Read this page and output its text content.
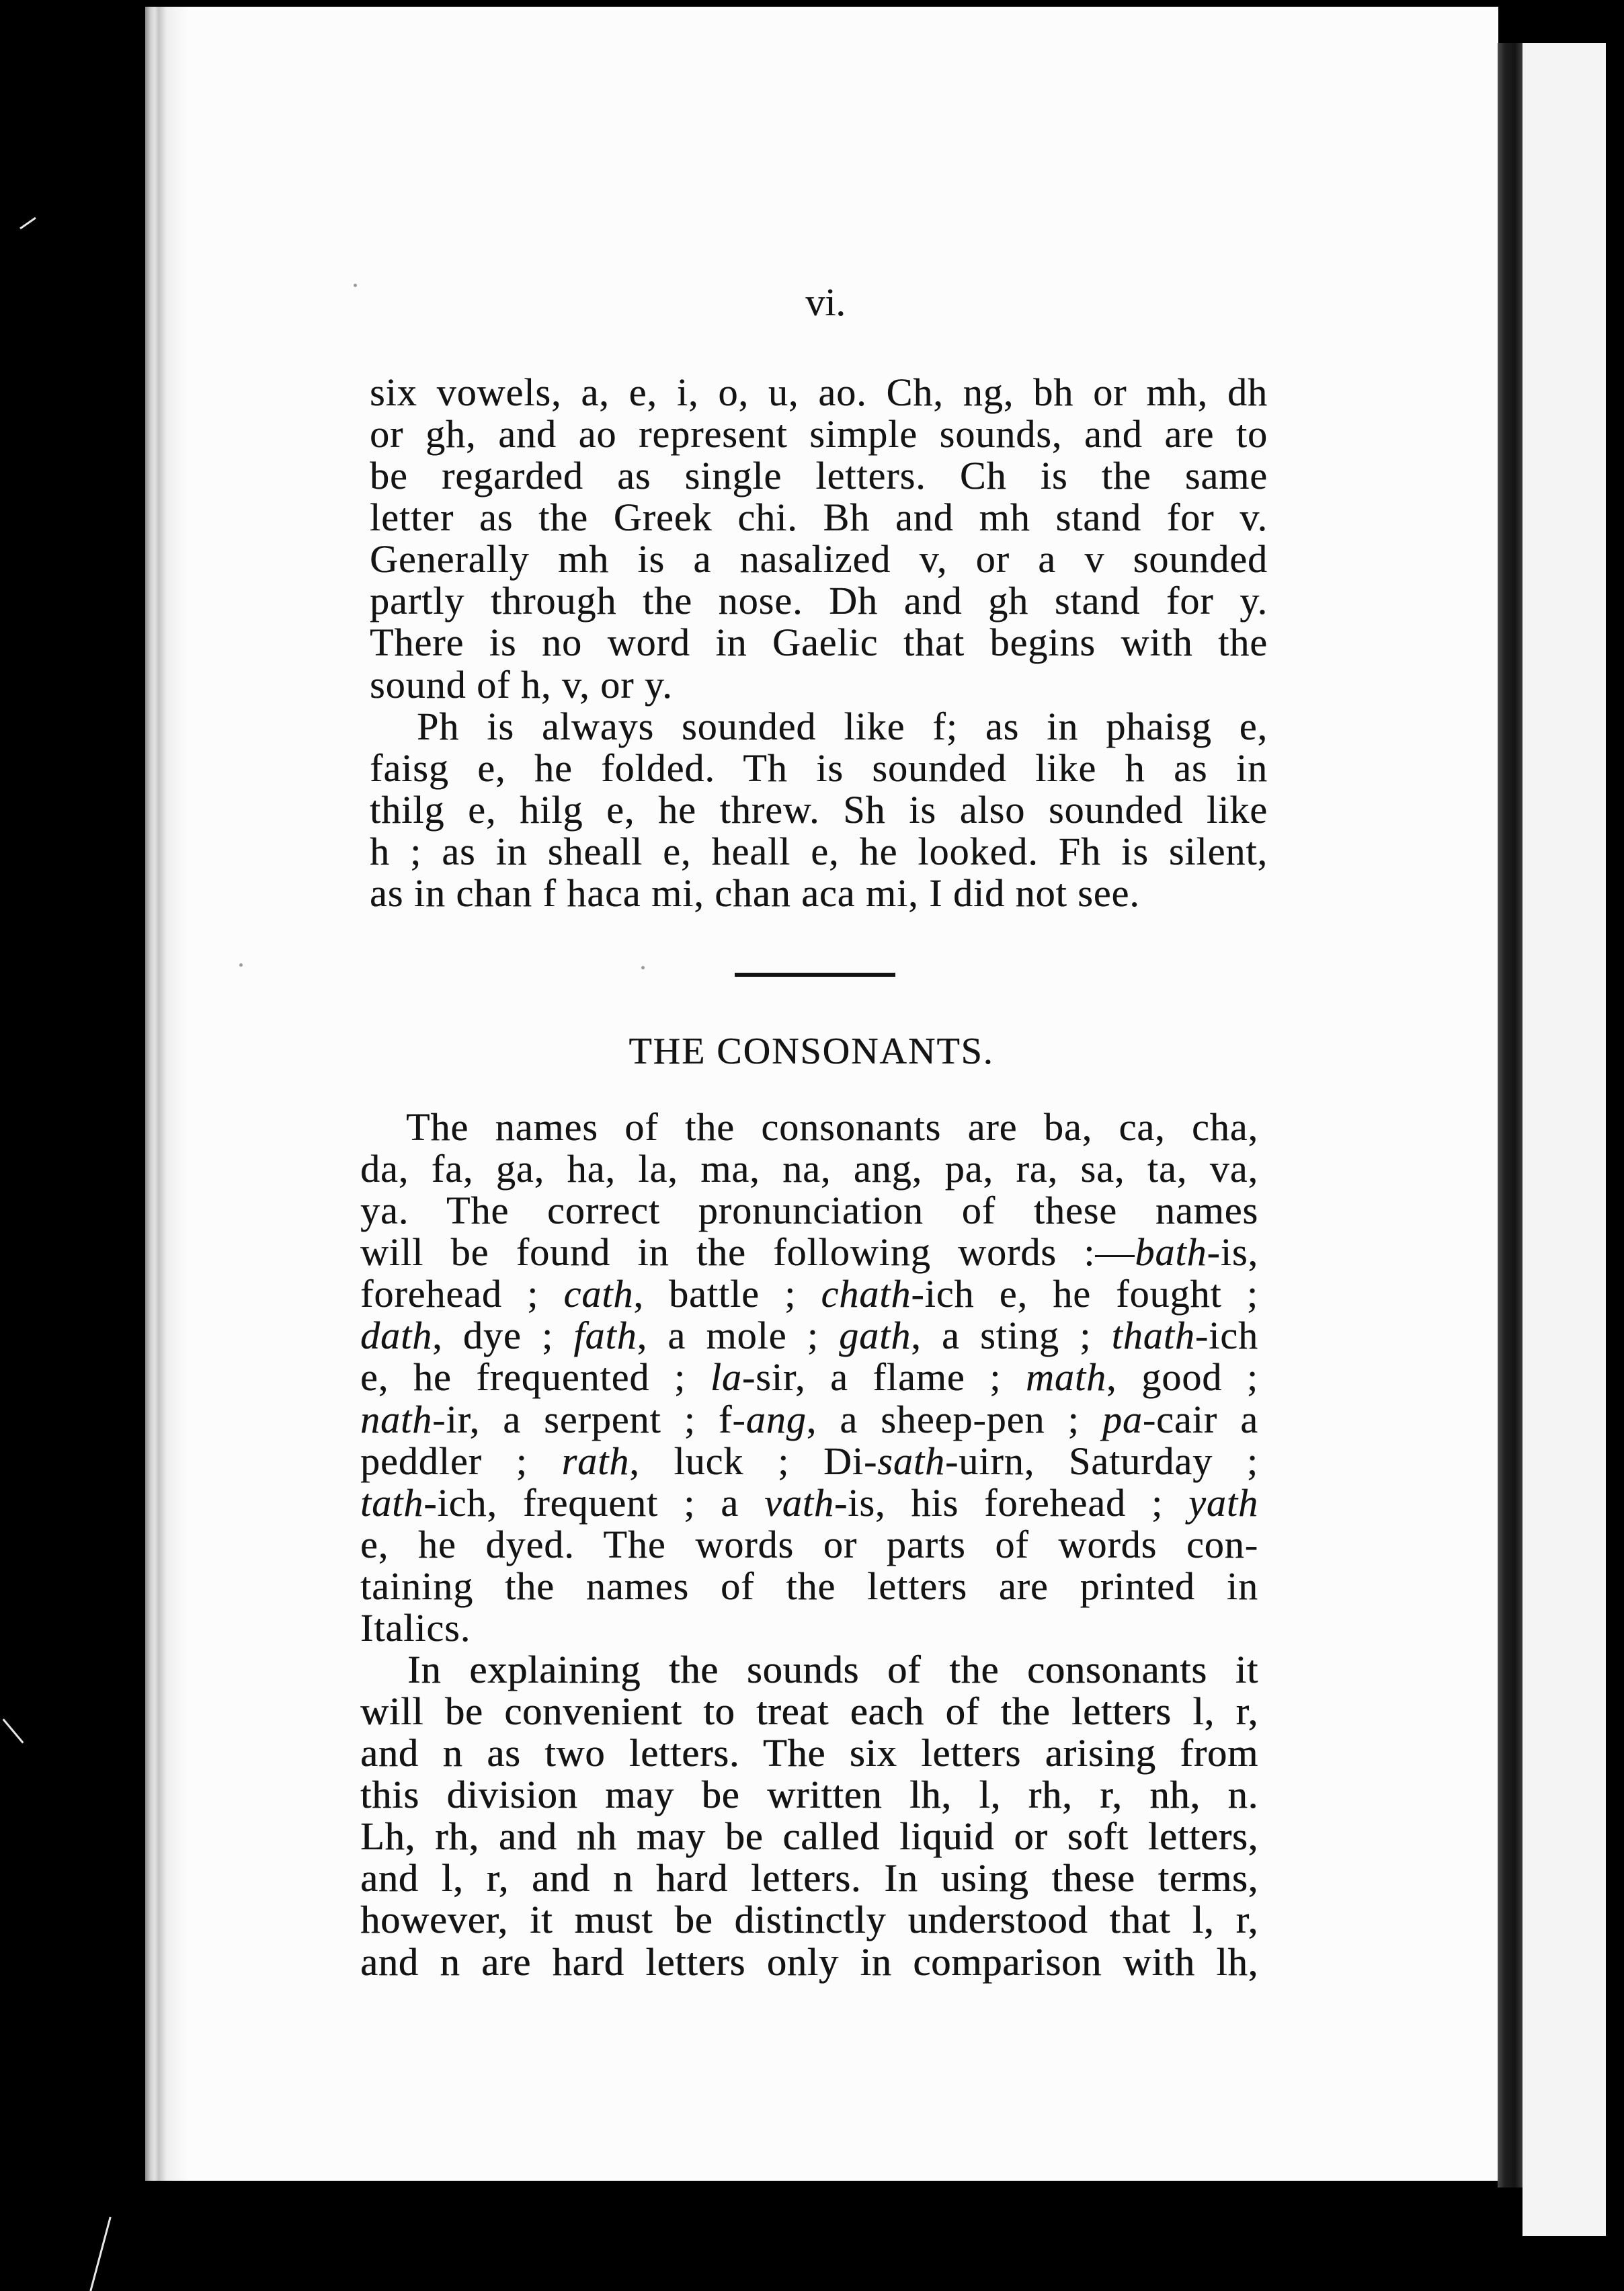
vi.
six vowels, a, e, i, o, u, ao. Ch, ng, bh or mh, dh
or gh, and ao represent simple sounds, and are to
be regarded as single letters. Ch is the same
letter as the Greek chi. Bh and mh stand for v.
Generally mh is a nasalized v, or a v sounded
partly through the nose. Dh and gh stand for y.
There is no word in Gaelic that begins with the
sound of h, v, or y.
Ph is always sounded like f; as in phaisg e,
faisg e, he folded. Th is sounded like h as in
thilg e, hilg e, he threw. Sh is also sounded like
h ; as in sheall e, heall e, he looked. Fh is silent,
as in chan f haca mi, chan aca mi, I did not see.
THE CONSONANTS.
The names of the consonants are ba, ca, cha,
da, fa, ga, ha, la, ma, na, ang, pa, ra, sa, ta, va,
ya. The correct pronunciation of these names
will be found in the following words :—bath-is,
forehead ; cath, battle ; chath-ich e, he fought ;
dath, dye ; fath, a mole ; gath, a sting ; thath-ich
e, he frequented ; la-sir, a flame ; math, good ;
nath-ir, a serpent ; f-ang, a sheep-pen ; pa-cair a
peddler ; rath, luck ; Di-sath-uirn, Saturday ;
tath-ich, frequent ; a vath-is, his forehead ; yath
e, he dyed. The words or parts of words con-
taining the names of the letters are printed in
Italics.
In explaining the sounds of the consonants it
will be convenient to treat each of the letters l, r,
and n as two letters. The six letters arising from
this division may be written lh, l, rh, r, nh, n.
Lh, rh, and nh may be called liquid or soft letters,
and l, r, and n hard letters. In using these terms,
however, it must be distinctly understood that l, r,
and n are hard letters only in comparison with lh,
